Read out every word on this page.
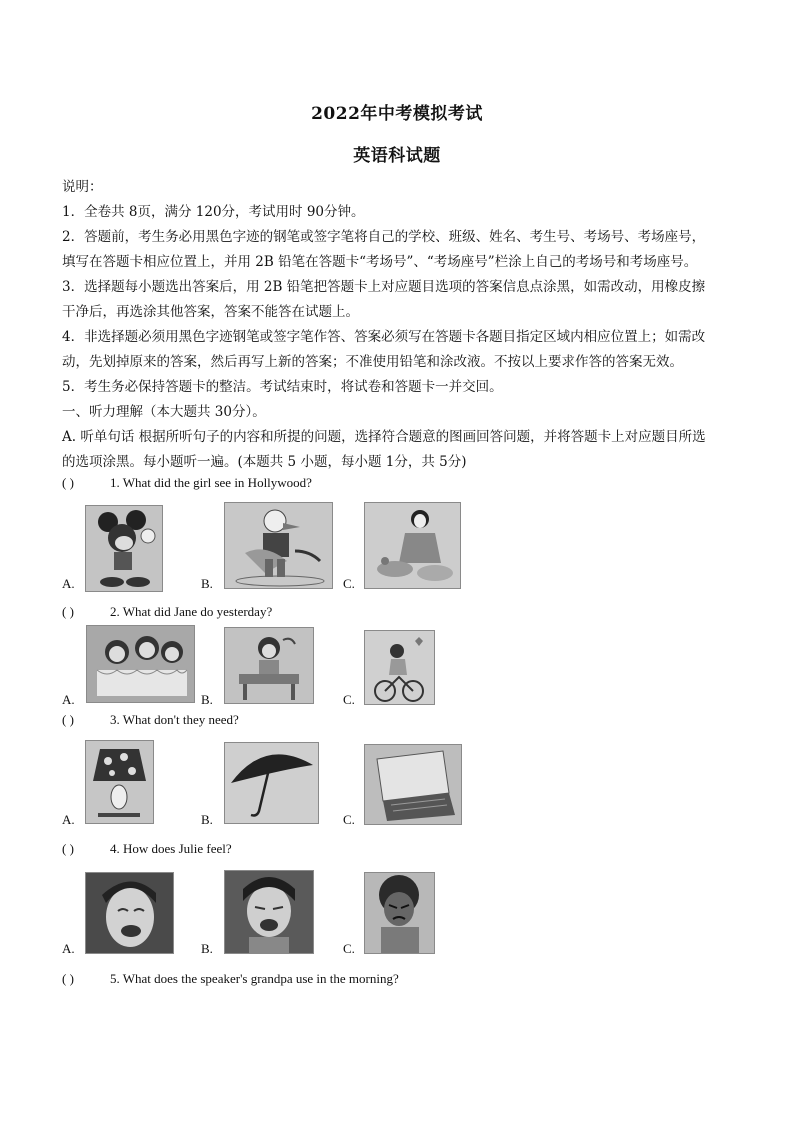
2022年中考模拟考试
英语科试题
说明：
1．全卷共 8页，满分 120分，考试用时 90分钟。
2．答题前，考生务必用黑色字迹的钢笔或签字笔将自己的学校、班级、姓名、考生号、考场号、考场座号，
填写在答题卡相应位置上，并用 2B 铅笔在答题卡“考场号”、“考场座号”栏涂上自己的考场号和考场座号。
3．选择题每小题选出答案后，用 2B 铅笔把答题卡上对应题目选项的答案信息点涂黑，如需改动，用橡皮擦
干净后，再选涂其他答案，答案不能答在试题上。
4．非选择题必须用黑色字迹钢笔或签字笔作答、答案必须写在答题卡各题目指定区域内相应位置上；如需改
动，先划掉原来的答案，然后再写上新的答案；不准使用铅笔和涂改液。不按以上要求作答的答案无效。
5．考生务必保持答题卡的整洁。考试结束时，将试卷和答题卡一并交回。
一、听力理解（本大题共 30分）。
A. 听单句话 根据所听句子的内容和所提的问题，选择符合题意的图画回答问题，并将答题卡上对应题目所选
的选项涂黑。每小题听一遍。(本题共 5 小题，每小题 1分，共 5分)
( )	1. What did the girl see in Hollywood?
A.	B.	C.
( )	2. What did Jane do yesterday?
A.	B.	C.
( )	3. What don't they need?
A.	B.	C.
( )	4. How does Julie feel?
A.	B.	C.
( )	5. What does the speaker's grandpa use in the morning?
